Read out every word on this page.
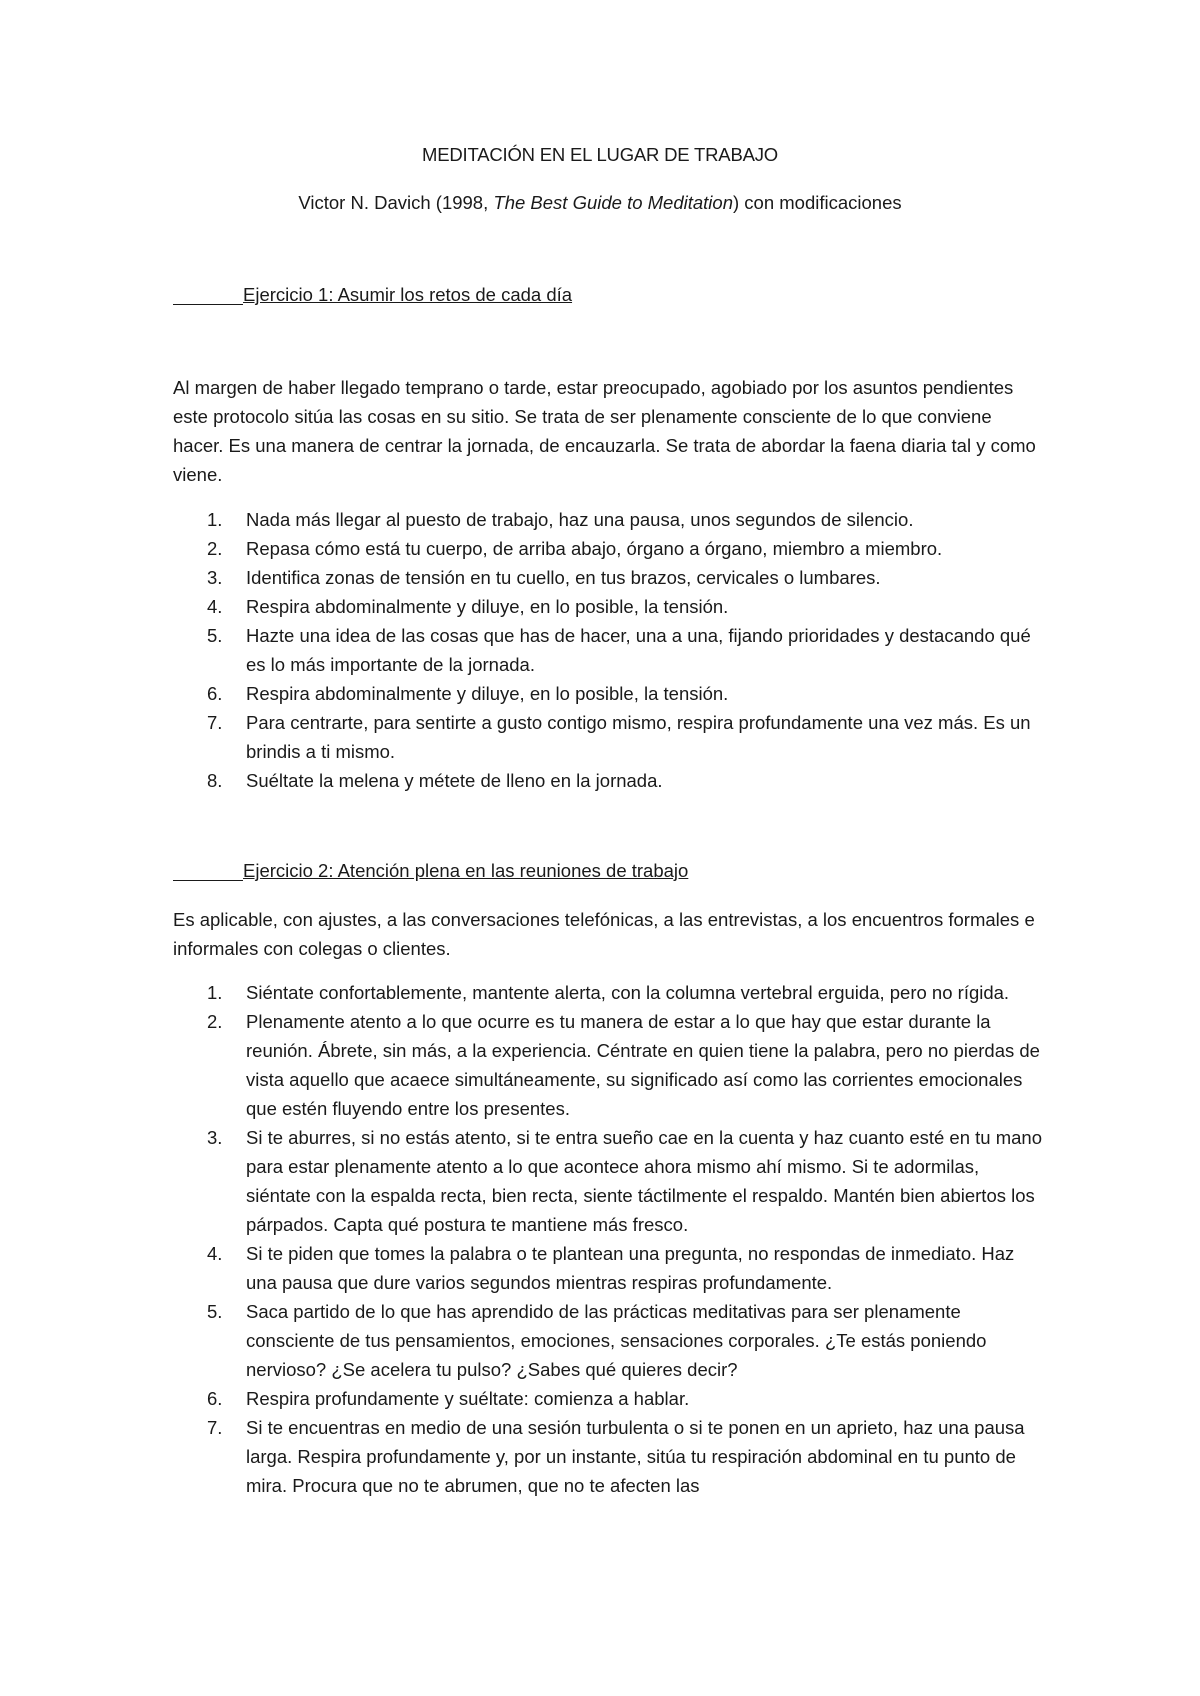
MEDITACIÓN EN EL LUGAR DE TRABAJO
Victor N. Davich (1998, The Best Guide to Meditation) con modificaciones
Ejercicio 1: Asumir los retos de cada día

Al margen de haber llegado temprano o tarde, estar preocupado, agobiado por los asuntos pendientes este protocolo sitúa las cosas en su sitio. Se trata de ser plenamente consciente de lo que conviene hacer. Es una manera de centrar la jornada, de encauzarla. Se trata de abordar la faena diaria tal y como viene.

1. Nada más llegar al puesto de trabajo, haz una pausa, unos segundos de silencio.
2. Repasa cómo está tu cuerpo, de arriba abajo, órgano a órgano, miembro a miembro.
3. Identifica zonas de tensión en tu cuello, en tus brazos, cervicales o lumbares.
4. Respira abdominalmente y diluye, en lo posible, la tensión.
5. Hazte una idea de las cosas que has de hacer, una a una, fijando prioridades y destacando qué es lo más importante de la jornada.
6. Respira abdominalmente y diluye, en lo posible, la tensión.
7. Para centrarte, para sentirte a gusto contigo mismo, respira profundamente una vez más. Es un brindis a ti mismo.
8. Suéltate la melena y métete de lleno en la jornada.
Ejercicio 2: Atención plena en las reuniones de trabajo

Es aplicable, con ajustes, a las conversaciones telefónicas, a las entrevistas, a los encuentros formales e informales con colegas o clientes.

1. Siéntate confortablemente, mantente alerta, con la columna vertebral erguida, pero no rígida.
2. Plenamente atento a lo que ocurre es tu manera de estar a lo que hay que estar durante la reunión. Ábrete, sin más, a la experiencia. Céntrate en quien tiene la palabra, pero no pierdas de vista aquello que acaece simultáneamente, su significado así como las corrientes emocionales que estén fluyendo entre los presentes.
3. Si te aburres, si no estás atento, si te entra sueño cae en la cuenta y haz cuanto esté en tu mano para estar plenamente atento a lo que acontece ahora mismo ahí mismo. Si te adormilas, siéntate con la espalda recta, bien recta, siente táctilmente el respaldo. Mantén bien abiertos los párpados. Capta qué postura te mantiene más fresco.
4. Si te piden que tomes la palabra o te plantean una pregunta, no respondas de inmediato. Haz una pausa que dure varios segundos mientras respiras profundamente.
5. Saca partido de lo que has aprendido de las prácticas meditativas para ser plenamente consciente de tus pensamientos, emociones, sensaciones corporales. ¿Te estás poniendo nervioso? ¿Se acelera tu pulso? ¿Sabes qué quieres decir?
6. Respira profundamente y suéltate: comienza a hablar.
7. Si te encuentras en medio de una sesión turbulenta o si te ponen en un aprieto, haz una pausa larga. Respira profundamente y, por un instante, sitúa tu respiración abdominal en tu punto de mira. Procura que no te abrumen, que no te afecten las
